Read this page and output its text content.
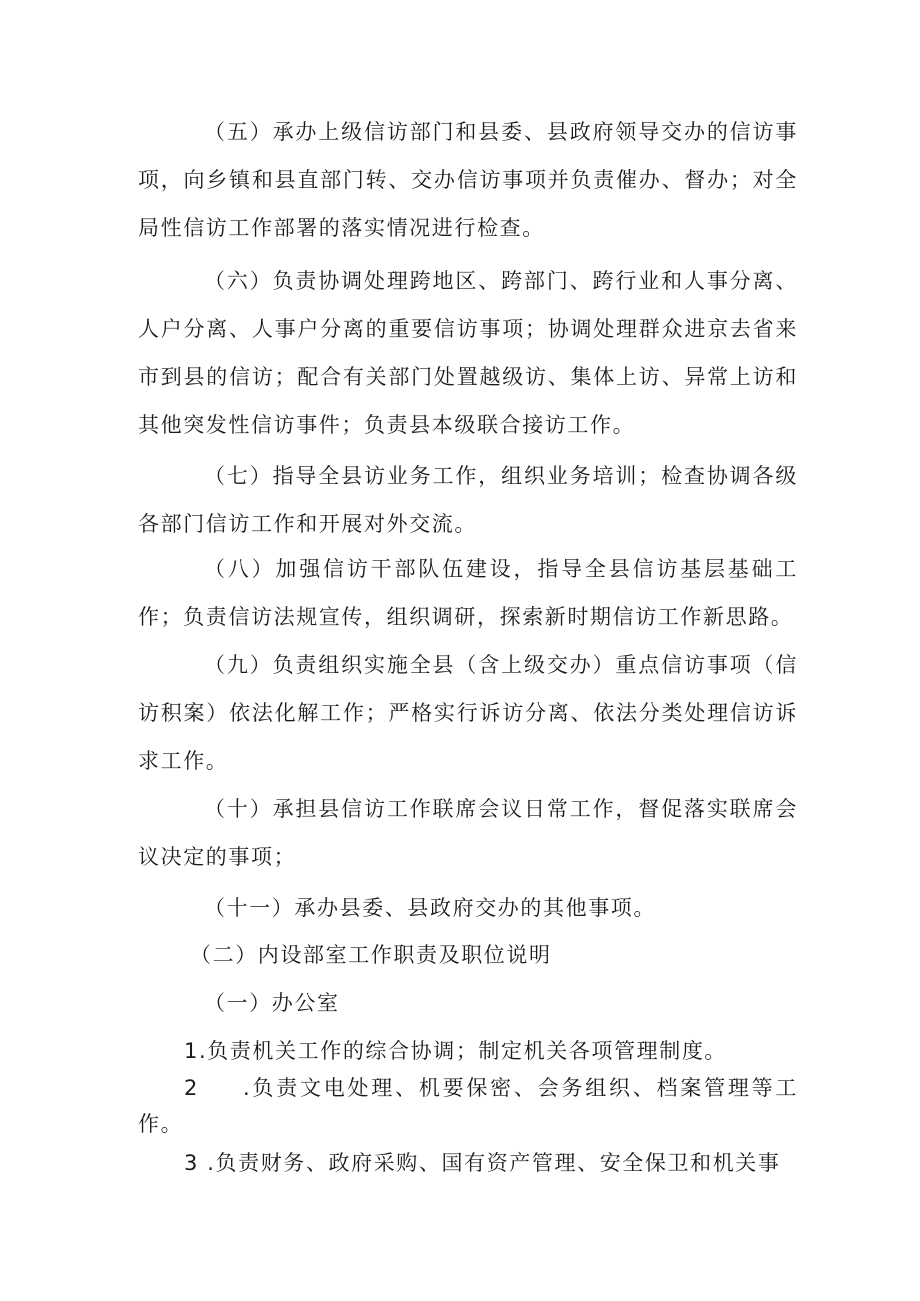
（五）承办上级信访部门和县委、县政府领导交办的信访事项，向乡镇和县直部门转、交办信访事项并负责催办、督办；对全局性信访工作部署的落实情况进行检查。

（六）负责协调处理跨地区、跨部门、跨行业和人事分离、人户分离、人事户分离的重要信访事项；协调处理群众进京去省来市到县的信访；配合有关部门处置越级访、集体上访、异常上访和其他突发性信访事件；负责县本级联合接访工作。

（七）指导全县访业务工作，组织业务培训；检查协调各级各部门信访工作和开展对外交流。

（八）加强信访干部队伍建设，指导全县信访基层基础工作；负责信访法规宣传，组织调研，探索新时期信访工作新思路。

（九）负责组织实施全县（含上级交办）重点信访事项（信访积案）依法化解工作；严格实行诉访分离、依法分类处理信访诉求工作。

（十）承担县信访工作联席会议日常工作，督促落实联席会议决定的事项；

（十一）承办县委、县政府交办的其他事项。

（二）内设部室工作职责及职位说明

（一）办公室

1.负责机关工作的综合协调；制定机关各项管理制度。

2 .负责文电处理、机要保密、会务组织、档案管理等工作。

3 .负责财务、政府采购、国有资产管理、安全保卫和机关事
